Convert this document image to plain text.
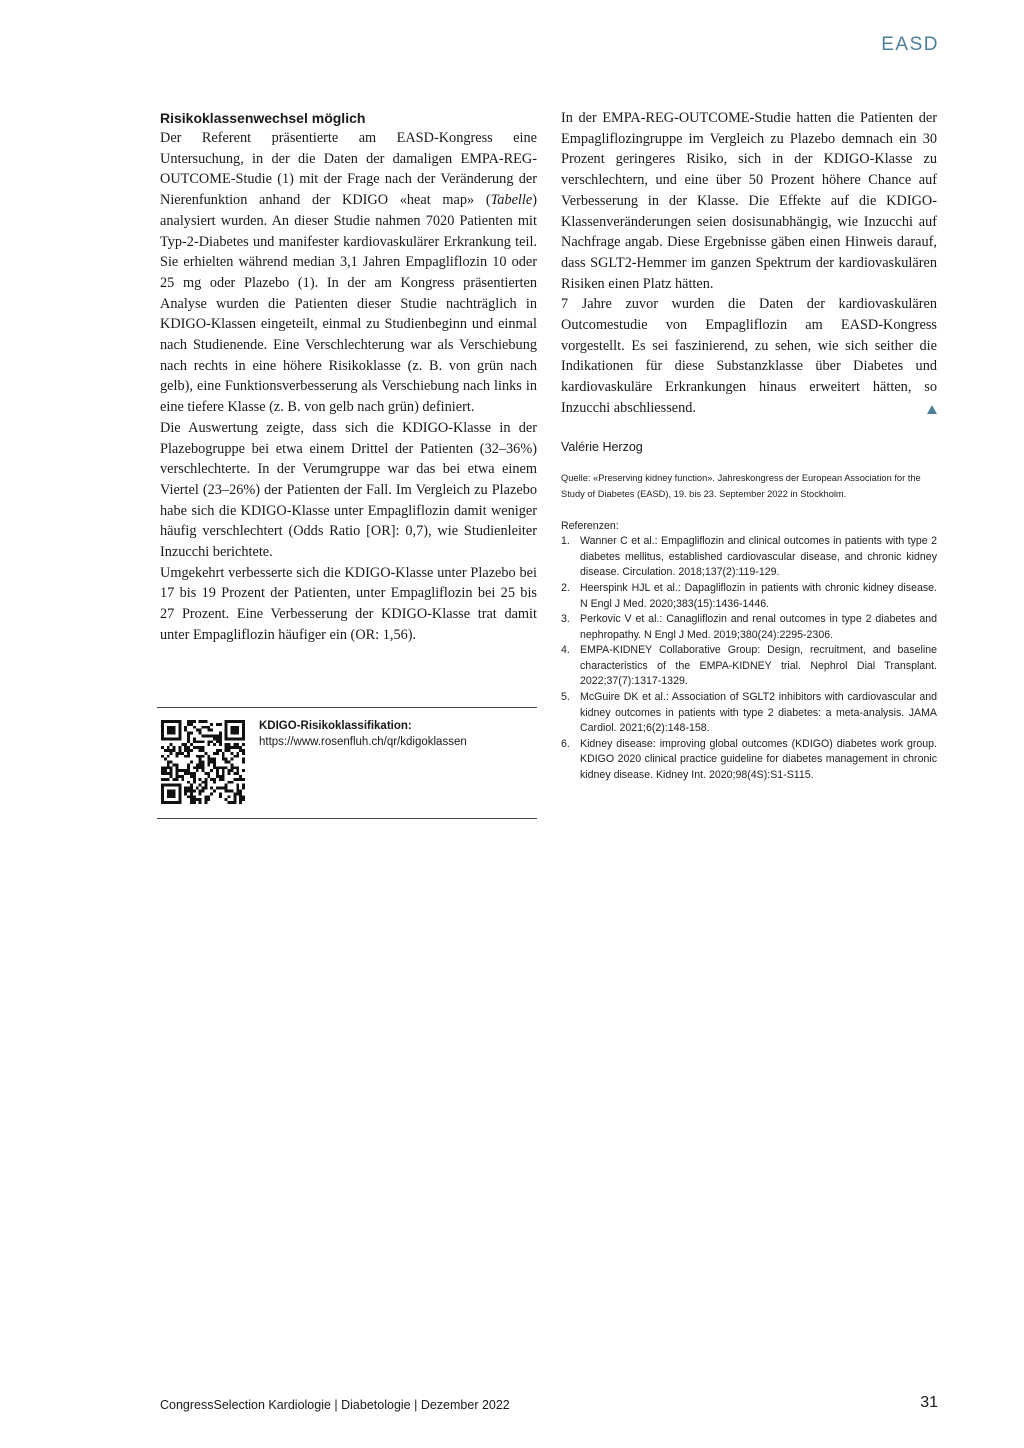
EASD
Risikoklassenwechsel möglich

Der Referent präsentierte am EASD-Kongress eine Untersuchung, in der die Daten der damaligen EMPA-REG-OUTCOME-Studie (1) mit der Frage nach der Veränderung der Nierenfunktion anhand der KDIGO «heat map» (Tabelle) analysiert wurden. An dieser Studie nahmen 7020 Patienten mit Typ-2-Diabetes und manifester kardiovaskulärer Erkrankung teil. Sie erhielten während median 3,1 Jahren Empagliflozin 10 oder 25 mg oder Plazebo (1). In der am Kongress präsentierten Analyse wurden die Patienten dieser Studie nachträglich in KDIGO-Klassen eingeteilt, einmal zu Studienbeginn und einmal nach Studienende. Eine Verschlechterung war als Verschiebung nach rechts in eine höhere Risikoklasse (z. B. von grün nach gelb), eine Funktionsverbesserung als Verschiebung nach links in eine tiefere Klasse (z. B. von gelb nach grün) definiert.

Die Auswertung zeigte, dass sich die KDIGO-Klasse in der Plazebogruppe bei etwa einem Drittel der Patienten (32–36%) verschlechterte. In der Verumgruppe war das bei etwa einem Viertel (23–26%) der Patienten der Fall. Im Vergleich zu Plazebo habe sich die KDIGO-Klasse unter Empagliflozin damit weniger häufig verschlechtert (Odds Ratio [OR]: 0,7), wie Studienleiter Inzucchi berichtete.

Umgekehrt verbesserte sich die KDIGO-Klasse unter Plazebo bei 17 bis 19 Prozent der Patienten, unter Empagliflozin bei 25 bis 27 Prozent. Eine Verbesserung der KDIGO-Klasse trat damit unter Empagliflozin häufiger ein (OR: 1,56).

KDIGO-Risikoklassifikation:
https://www.rosenfluh.ch/qr/kdigoklassen

In der EMPA-REG-OUTCOME-Studie hatten die Patienten der Empagliflozingruppe im Vergleich zu Plazebo demnach ein 30 Prozent geringeres Risiko, sich in der KDIGO-Klasse zu verschlechtern, und eine über 50 Prozent höhere Chance auf Verbesserung in der Klasse. Die Effekte auf die KDIGO-Klassenveränderungen seien dosisunabhängig, wie Inzucchi auf Nachfrage angab. Diese Ergebnisse gäben einen Hinweis darauf, dass SGLT2-Hemmer im ganzen Spektrum der kardiovaskulären Risiken einen Platz hätten.

7 Jahre zuvor wurden die Daten der kardiovaskulären Outcomestudie von Empagliflozin am EASD-Kongress vorgestellt. Es sei faszinierend, zu sehen, wie sich seither die Indikationen für diese Substanzklasse über Diabetes und kardiovaskuläre Erkrankungen hinaus erweitert hätten, so Inzucchi abschliessend.

Valérie Herzog

Quelle: «Preserving kidney function». Jahreskongress der European Association for the Study of Diabetes (EASD), 19. bis 23. September 2022 in Stockholm.

Referenzen:
1. Wanner C et al.: Empagliflozin and clinical outcomes in patients with type 2 diabetes mellitus, established cardiovascular disease, and chronic kidney disease. Circulation. 2018;137(2):119-129.
2. Heerspink HJL et al.: Dapagliflozin in patients with chronic kidney disease. N Engl J Med. 2020;383(15):1436-1446.
3. Perkovic V et al.: Canagliflozin and renal outcomes in type 2 diabetes and nephropathy. N Engl J Med. 2019;380(24):2295-2306.
4. EMPA-KIDNEY Collaborative Group: Design, recruitment, and baseline characteristics of the EMPA-KIDNEY trial. Nephrol Dial Transplant. 2022;37(7):1317-1329.
5. McGuire DK et al.: Association of SGLT2 inhibitors with cardiovascular and kidney outcomes in patients with type 2 diabetes: a meta-analysis. JAMA Cardiol. 2021;6(2):148-158.
6. Kidney disease: improving global outcomes (KDIGO) diabetes work group. KDIGO 2020 clinical practice guideline for diabetes management in chronic kidney disease. Kidney Int. 2020;98(4S):S1-S115.
CongressSelection Kardiologie | Diabetologie | Dezember 2022	31
